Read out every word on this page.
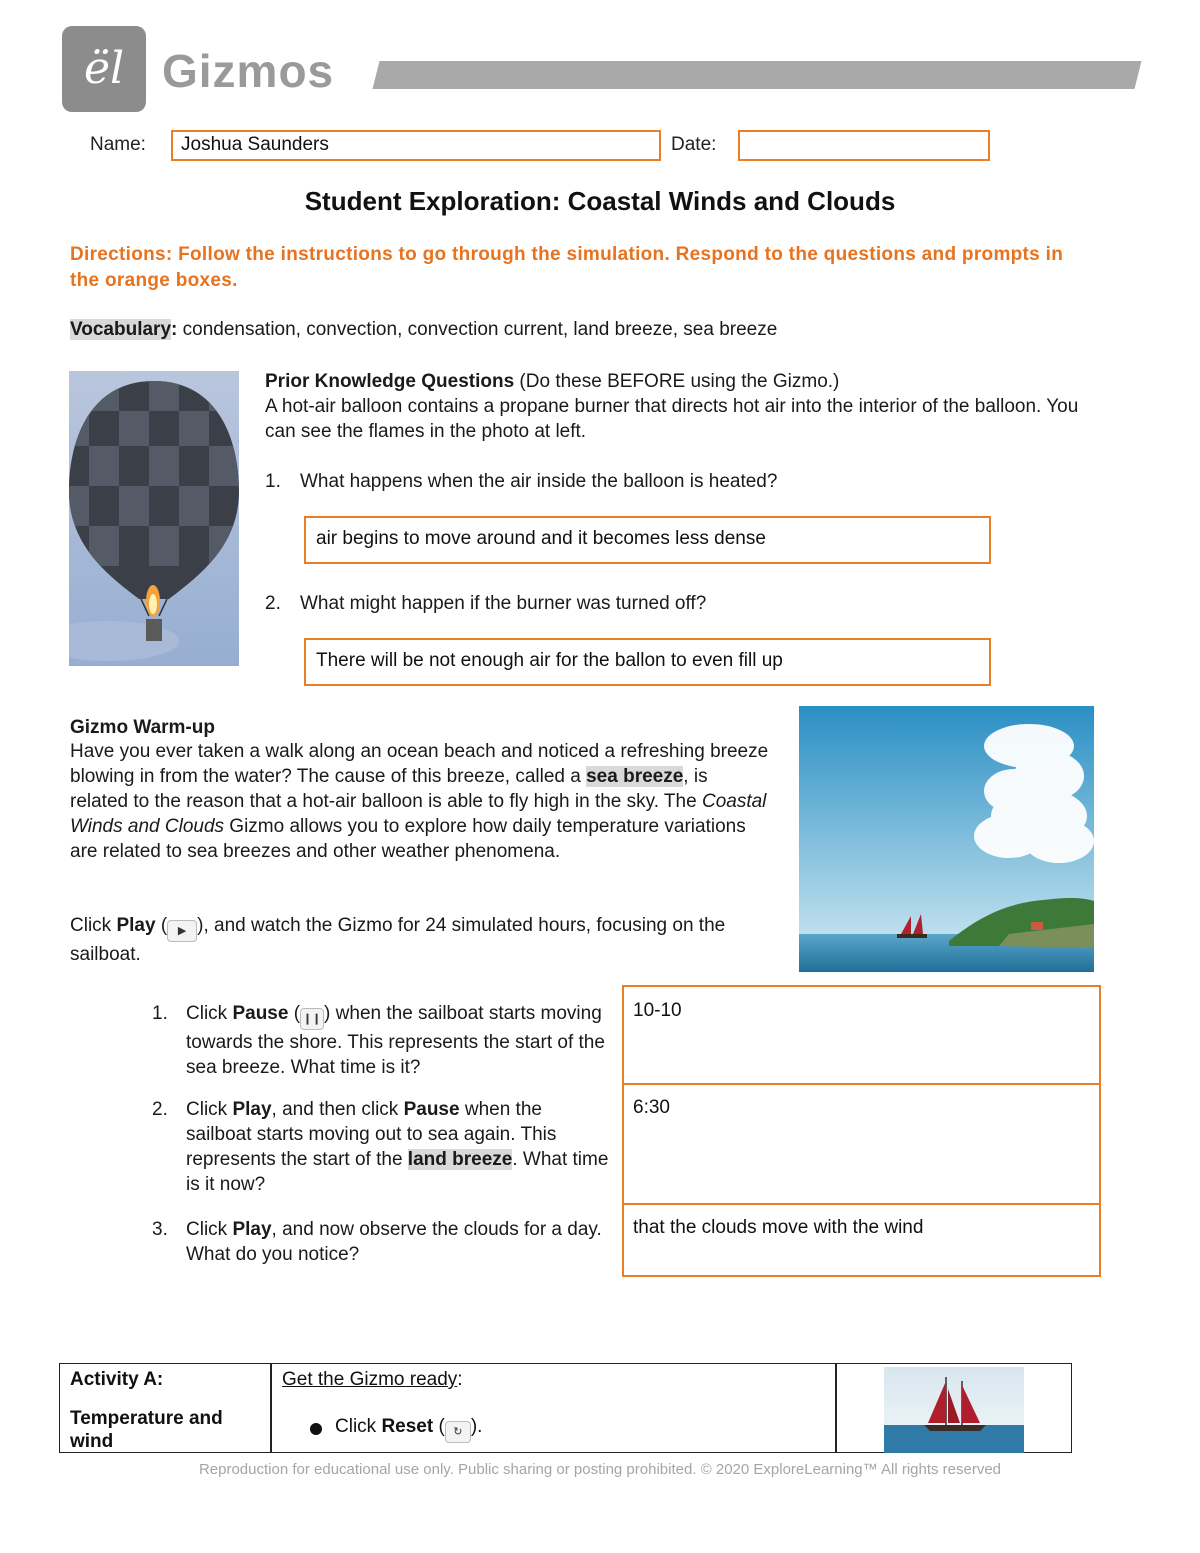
ël Gizmos
Name:	Joshua Saunders	Date:
Student Exploration: Coastal Winds and Clouds
Directions: Follow the instructions to go through the simulation. Respond to the questions and prompts in the orange boxes.
Vocabulary: condensation, convection, convection current, land breeze, sea breeze
Prior Knowledge Questions (Do these BEFORE using the Gizmo.)
A hot-air balloon contains a propane burner that directs hot air into the interior of the balloon. You can see the flames in the photo at left.
1. What happens when the air inside the balloon is heated?
air begins to move around and it becomes less dense
2. What might happen if the burner was turned off?
There will be not enough air for the ballon to even fill up
Gizmo Warm-up
Have you ever taken a walk along an ocean beach and noticed a refreshing breeze blowing in from the water? The cause of this breeze, called a sea breeze, is related to the reason that a hot-air balloon is able to fly high in the sky. The Coastal Winds and Clouds Gizmo allows you to explore how daily temperature variations are related to sea breezes and other weather phenomena.
Click Play ( ▶ ), and watch the Gizmo for 24 simulated hours, focusing on the sailboat.
1. Click Pause ( ❙❙ ) when the sailboat starts moving towards the shore. This represents the start of the sea breeze. What time is it?
2. Click Play, and then click Pause when the sailboat starts moving out to sea again. This represents the start of the land breeze. What time is it now?
3. Click Play, and now observe the clouds for a day. What do you notice?
10-10
6:30
that the clouds move with the wind
Activity A:
Temperature and wind
Get the Gizmo ready:
Click Reset ( ↻ ).
Reproduction for educational use only. Public sharing or posting prohibited. © 2020 ExploreLearning™ All rights reserved
